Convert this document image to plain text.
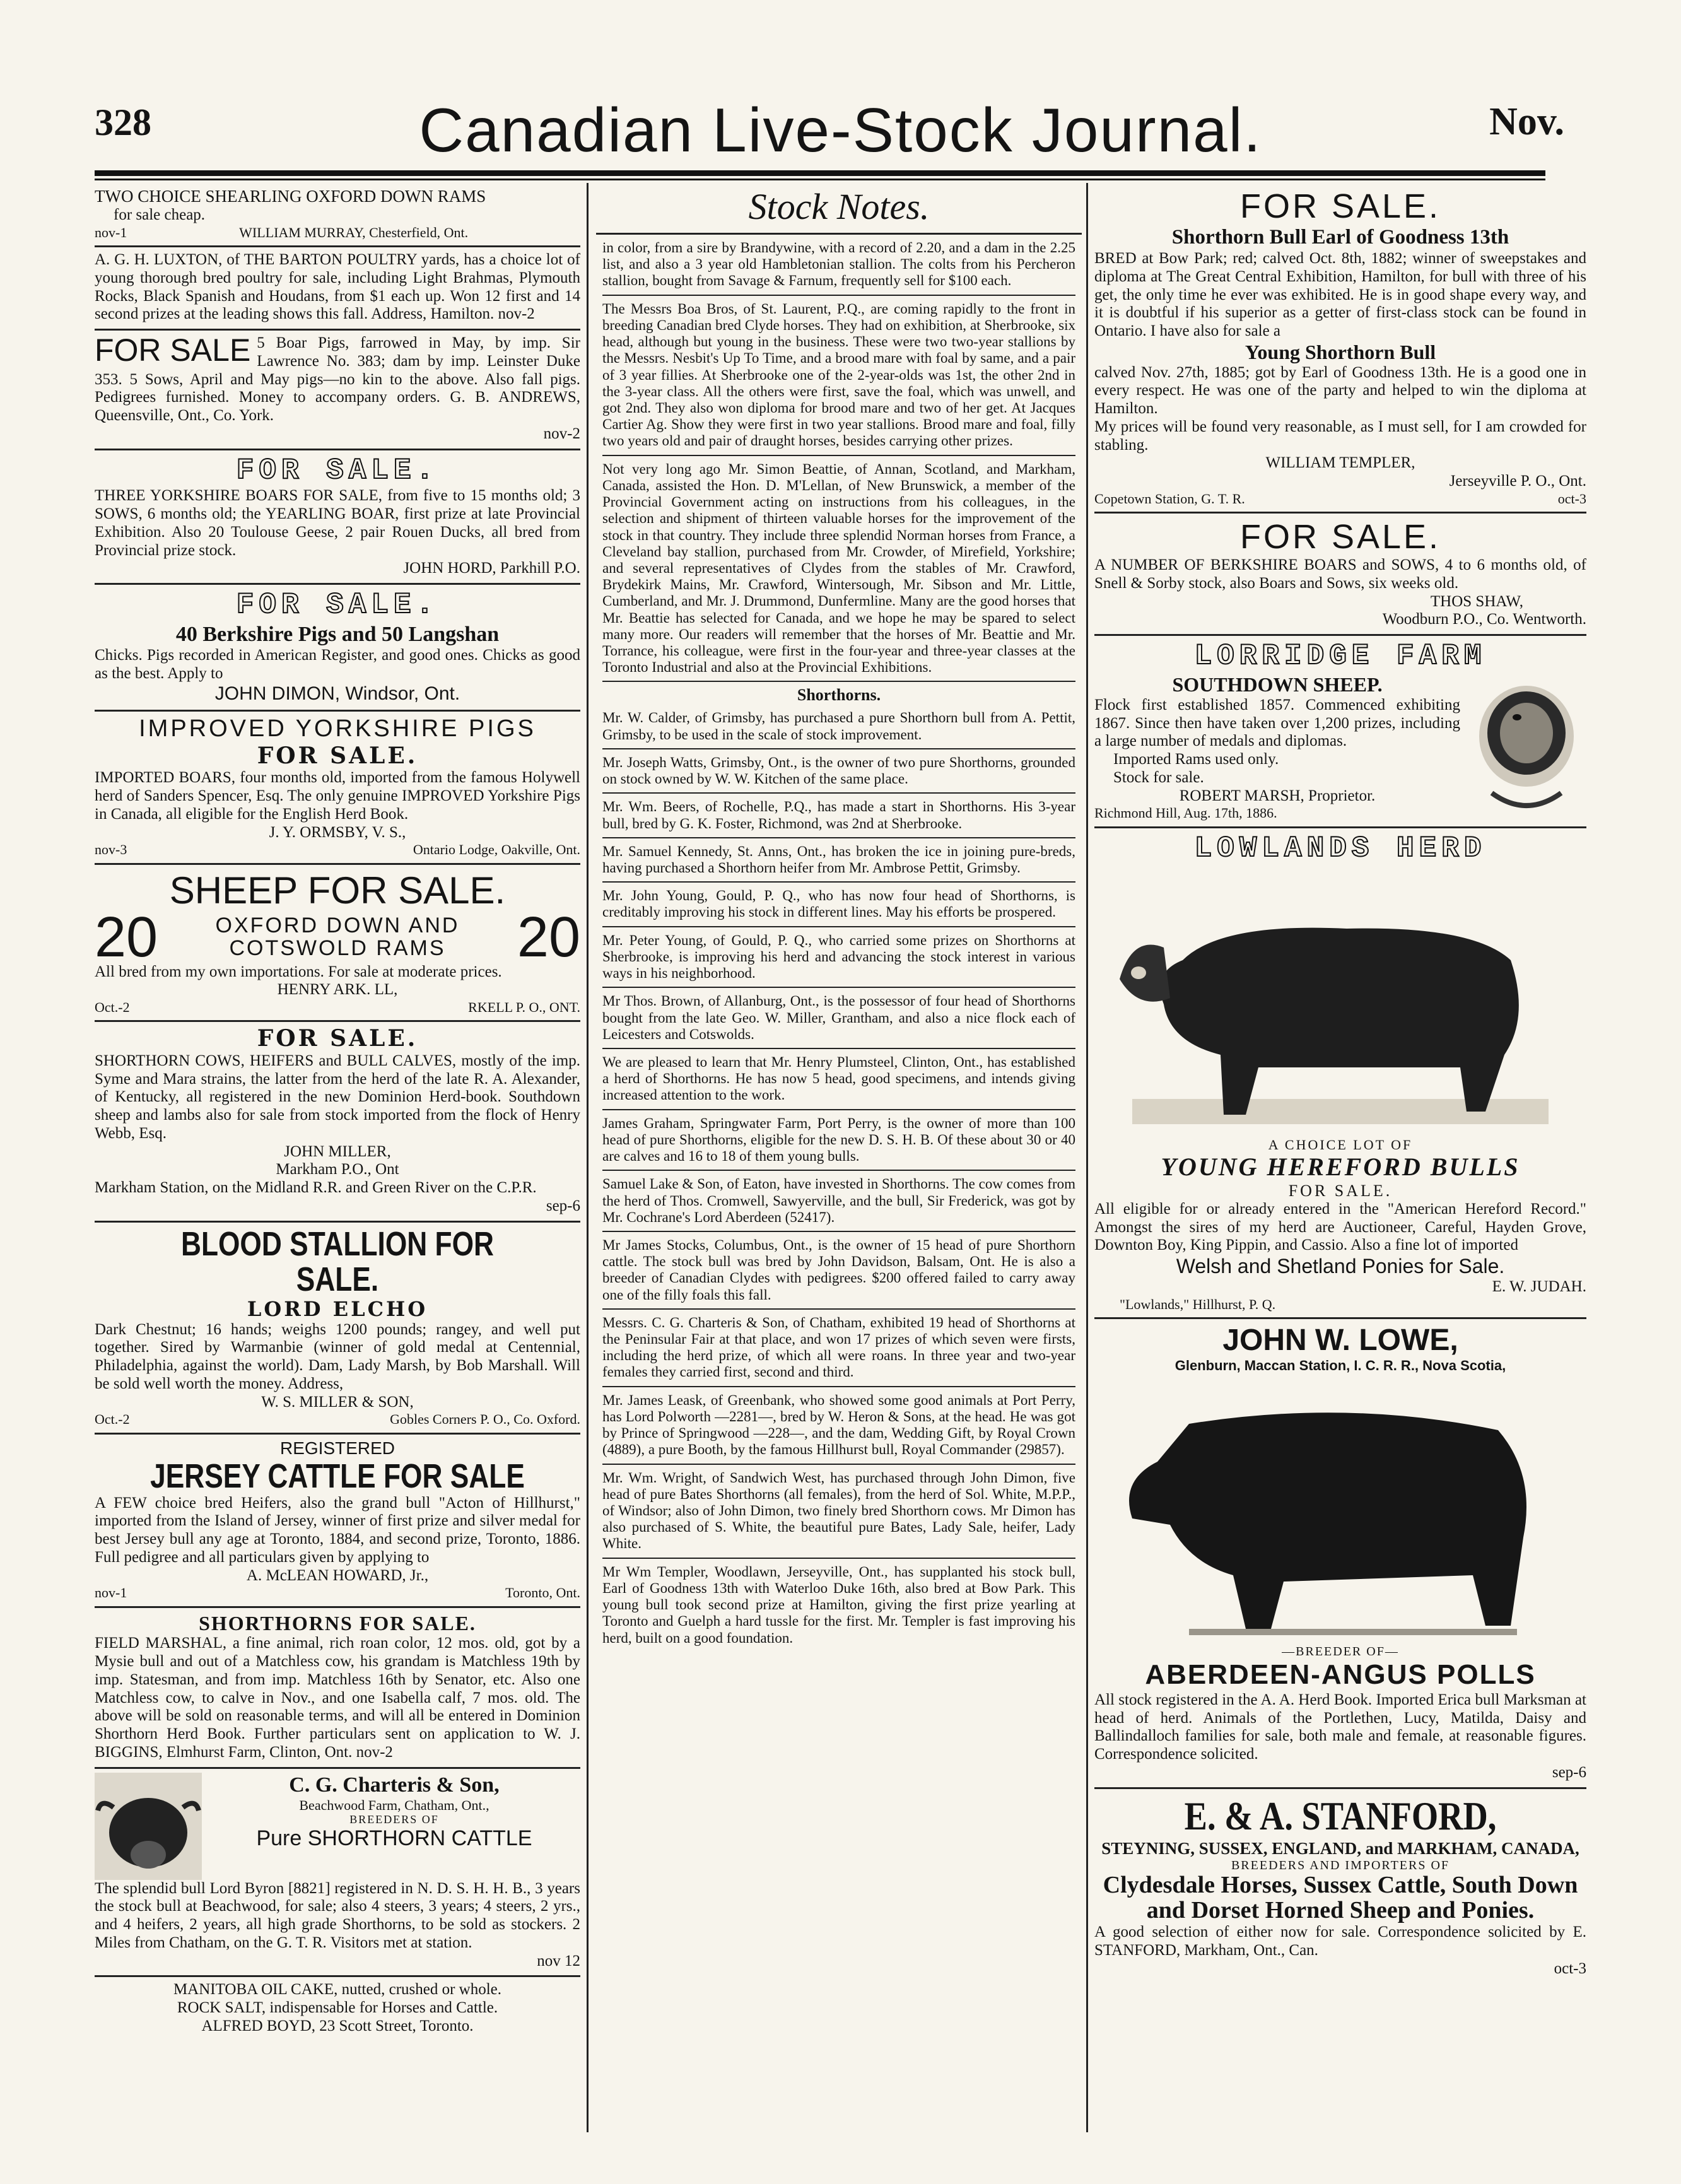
328	Canadian Live-Stock Journal.	Nov.

TWO CHOICE SHEARLING OXFORD DOWN RAMS

for sale cheap.

nov-1	WILLIAM MURRAY, Chesterfield, Ont.

A. G. H. LUXTON, of THE BARTON POULTRY yards, has a choice lot of young thorough bred poultry for sale, including Light Brahmas, Plymouth Rocks, Black Spanish and Houdans, from $1 each up. Won 12 first and 14 second prizes at the leading shows this fall. Address, Hamilton. nov-2

FOR SALE 5 Boar Pigs, farrowed in May, by imp. Sir Lawrence No. 383; dam by imp. Leinster Duke 353. 5 Sows, April and May pigs—no kin to the above. Also fall pigs. Pedigrees furnished. Money to accompany orders. G. B. ANDREWS, Queensville, Ont., Co. York.

nov-2
FOR SALE.

THREE YORKSHIRE BOARS FOR SALE, from five to 15 months old; 3 SOWS, 6 months old; the YEARLING BOAR, first prize at late Provincial Exhibition. Also 20 Toulouse Geese, 2 pair Rouen Ducks, all bred from Provincial prize stock.

JOHN HORD, Parkhill P.O.
FOR SALE.
40 Berkshire Pigs and 50 Langshan

Chicks. Pigs recorded in American Register, and good ones. Chicks as good as the best. Apply to

JOHN DIMON, Windsor, Ont.
IMPROVED YORKSHIRE PIGS
FOR SALE.

IMPORTED BOARS, four months old, imported from the famous Holywell herd of Sanders Spencer, Esq. The only genuine IMPROVED Yorkshire Pigs in Canada, all eligible for the English Herd Book.

J. Y. ORMSBY, V. S.,
nov-3	Ontario Lodge, Oakville, Ont.
SHEEP FOR SALE.
20	OXFORD DOWN AND
COTSWOLD RAMS 20

All bred from my own importations. For sale at moderate prices.

HENRY ARK. LL,
Oct.-2	RKELL P. O., ONT.
FOR SALE.

SHORTHORN COWS, HEIFERS and BULL CALVES, mostly of the imp. Syme and Mara strains, the latter from the herd of the late R. A. Alexander, of Kentucky, all registered in the new Dominion Herd-book. Southdown sheep and lambs also for sale from stock imported from the flock of Henry Webb, Esq.

JOHN MILLER,
Markham P.O., Ont

Markham Station, on the Midland R.R. and Green River on the C.P.R.

sep-6
BLOOD STALLION FOR SALE.
LORD ELCHO

Dark Chestnut; 16 hands; weighs 1200 pounds; rangey, and well put together. Sired by Warmanbie (winner of gold medal at Centennial, Philadelphia, against the world). Dam, Lady Marsh, by Bob Marshall. Will be sold well worth the money. Address,

W. S. MILLER & SON,
Oct.-2	Gobles Corners P. O., Co. Oxford.
REGISTERED
JERSEY CATTLE FOR SALE

A FEW choice bred Heifers, also the grand bull "Acton of Hillhurst," imported from the Island of Jersey, winner of first prize and silver medal for best Jersey bull any age at Toronto, 1884, and second prize, Toronto, 1886. Full pedigree and all particulars given by applying to

A. McLEAN HOWARD, Jr.,
nov-1	Toronto, Ont.
SHORTHORNS FOR SALE.

FIELD MARSHAL, a fine animal, rich roan color, 12 mos. old, got by a Mysie bull and out of a Matchless cow, his grandam is Matchless 19th by imp. Statesman, and from imp. Matchless 16th by Senator, etc. Also one Matchless cow, to calve in Nov., and one Isabella calf, 7 mos. old. The above will be sold on reasonable terms, and will all be entered in Dominion Shorthorn Herd Book. Further particulars sent on application to W. J. BIGGINS, Elmhurst Farm, Clinton, Ont. nov-2

C. G. Charteris & Son,
Beachwood Farm, Chatham, Ont.,
BREEDERS OF
Pure SHORTHORN CATTLE

The splendid bull Lord Byron [8821] registered in N. D. S. H. H. B., 3 years the stock bull at Beachwood, for sale; also 4 steers, 3 years; 4 steers, 2 yrs., and 4 heifers, 2 years, all high grade Shorthorns, to be sold as stockers. 2 Miles from Chatham, on the G. T. R. Visitors met at station.

nov 12
MANITOBA OIL CAKE, nutted, crushed or whole.
ROCK SALT, indispensable for Horses and Cattle.
ALFRED BOYD, 23 Scott Street, Toronto.
Stock Notes.
in color, from a sire by Brandywine, with a record of 2.20, and a dam in the 2.25 list, and also a 3 year old Hambletonian stallion. The colts from his Percheron stallion, bought from Savage & Farnum, frequently sell for $100 each.
The Messrs Boa Bros, of St. Laurent, P.Q., are coming rapidly to the front in breeding Canadian bred Clyde horses. They had on exhibition, at Sherbrooke, six head, although but young in the business. These were two two-year stallions by the Messrs. Nesbit's Up To Time, and a brood mare with foal by same, and a pair of 3 year fillies. At Sherbrooke one of the 2-year-olds was 1st, the other 2nd in the 3-year class. All the others were first, save the foal, which was unwell, and got 2nd. They also won diploma for brood mare and two of her get. At Jacques Cartier Ag. Show they were first in two year stallions. Brood mare and foal, filly two years old and pair of draught horses, besides carrying other prizes.
Not very long ago Mr. Simon Beattie, of Annan, Scotland, and Markham, Canada, assisted the Hon. D. M'Lellan, of New Brunswick, a member of the Provincial Government acting on instructions from his colleagues, in the selection and shipment of thirteen valuable horses for the improvement of the stock in that country. They include three splendid Norman horses from France, a Cleveland bay stallion, purchased from Mr. Crowder, of Mirefield, Yorkshire; and several representatives of Clydes from the stables of Mr. Crawford, Brydekirk Mains, Mr. Crawford, Wintersough, Mr. Sibson and Mr. Little, Cumberland, and Mr. J. Drummond, Dunfermline. Many are the good horses that Mr. Beattie has selected for Canada, and we hope he may be spared to select many more. Our readers will remember that the horses of Mr. Beattie and Mr. Torrance, his colleague, were first in the four-year and three-year classes at the Toronto Industrial and also at the Provincial Exhibitions.
Shorthorns.
Mr. W. Calder, of Grimsby, has purchased a pure Shorthorn bull from A. Pettit, Grimsby, to be used in the scale of stock improvement.
Mr. Joseph Watts, Grimsby, Ont., is the owner of two pure Shorthorns, grounded on stock owned by W. W. Kitchen of the same place.
Mr. Wm. Beers, of Rochelle, P.Q., has made a start in Shorthorns. His 3-year bull, bred by G. K. Foster, Richmond, was 2nd at Sherbrooke.
Mr. Samuel Kennedy, St. Anns, Ont., has broken the ice in joining pure-breds, having purchased a Shorthorn heifer from Mr. Ambrose Pettit, Grimsby.
Mr. John Young, Gould, P. Q., who has now four head of Shorthorns, is creditably improving his stock in different lines. May his efforts be prospered.
Mr. Peter Young, of Gould, P. Q., who carried some prizes on Shorthorns at Sherbrooke, is improving his herd and advancing the stock interest in various ways in his neighborhood.
Mr Thos. Brown, of Allanburg, Ont., is the possessor of four head of Shorthorns bought from the late Geo. W. Miller, Grantham, and also a nice flock each of Leicesters and Cotswolds.
We are pleased to learn that Mr. Henry Plumsteel, Clinton, Ont., has established a herd of Shorthorns. He has now 5 head, good specimens, and intends giving increased attention to the work.
James Graham, Springwater Farm, Port Perry, is the owner of more than 100 head of pure Shorthorns, eligible for the new D. S. H. B. Of these about 30 or 40 are calves and 16 to 18 of them young bulls.
Samuel Lake & Son, of Eaton, have invested in Shorthorns. The cow comes from the herd of Thos. Cromwell, Sawyerville, and the bull, Sir Frederick, was got by Mr. Cochrane's Lord Aberdeen (52417).
Mr James Stocks, Columbus, Ont., is the owner of 15 head of pure Shorthorn cattle. The stock bull was bred by John Davidson, Balsam, Ont. He is also a breeder of Canadian Clydes with pedigrees. $200 offered failed to carry away one of the filly foals this fall.
Messrs. C. G. Charteris & Son, of Chatham, exhibited 19 head of Shorthorns at the Peninsular Fair at that place, and won 17 prizes of which seven were firsts, including the herd prize, of which all were roans. In three year and two-year females they carried first, second and third.
Mr. James Leask, of Greenbank, who showed some good animals at Port Perry, has Lord Polworth —2281—, bred by W. Heron & Sons, at the head. He was got by Prince of Springwood —228—, and the dam, Wedding Gift, by Royal Crown (4889), a pure Booth, by the famous Hillhurst bull, Royal Commander (29857).
Mr. Wm. Wright, of Sandwich West, has purchased through John Dimon, five head of pure Bates Shorthorns (all females), from the herd of Sol. White, M.P.P., of Windsor; also of John Dimon, two finely bred Shorthorn cows. Mr Dimon has also purchased of S. White, the beautiful pure Bates, Lady Sale, heifer, Lady White.
Mr Wm Templer, Woodlawn, Jerseyville, Ont., has supplanted his stock bull, Earl of Goodness 13th with Waterloo Duke 16th, also bred at Bow Park. This young bull took second prize at Hamilton, giving the first prize yearling at Toronto and Guelph a hard tussle for the first. Mr. Templer is fast improving his herd, built on a good foundation.
FOR SALE.
Shorthorn Bull Earl of Goodness 13th

BRED at Bow Park; red; calved Oct. 8th, 1882; winner of sweepstakes and diploma at The Great Central Exhibition, Hamilton, for bull with three of his get, the only time he ever was exhibited. He is in good shape every way, and it is doubtful if his superior as a getter of first-class stock can be found in Ontario. I have also for sale a

Young Shorthorn Bull

calved Nov. 27th, 1885; got by Earl of Goodness 13th. He is a good one in every respect. He was one of the party and helped to win the diploma at Hamilton.

My prices will be found very reasonable, as I must sell, for I am crowded for stabling.

WILLIAM TEMPLER,
Jerseyville P. O., Ont.
Copetown Station, G. T. R.	oct-3
FOR SALE.

A NUMBER OF BERKSHIRE BOARS and SOWS, 4 to 6 months old, of Snell & Sorby stock, also Boars and Sows, six weeks old.

THOS SHAW,
Woodburn P.O., Co. Wentworth.
LORRIDGE FARM
SOUTHDOWN SHEEP.

Flock first established 1857. Commenced exhibiting 1867. Since then have taken over 1,200 prizes, including a large number of medals and diplomas.

Imported Rams used only.

Stock for sale.

ROBERT MARSH, Proprietor.
Richmond Hill, Aug. 17th, 1886.
LOWLANDS HERD
A CHOICE LOT OF
YOUNG HEREFORD BULLS
FOR SALE.

All eligible for or already entered in the "American Hereford Record." Amongst the sires of my herd are Auctioneer, Careful, Hayden Grove, Downton Boy, King Pippin, and Cassio. Also a fine lot of imported

Welsh and Shetland Ponies for Sale.
E. W. JUDAH.
"Lowlands," Hillhurst, P. Q.
JOHN W. LOWE,
Glenburn, Maccan Station, I. C. R. R., Nova Scotia,
—BREEDER OF—
ABERDEEN-ANGUS POLLS

All stock registered in the A. A. Herd Book. Imported Erica bull Marksman at head of herd. Animals of the Portlethen, Lucy, Matilda, Daisy and Ballindalloch families for sale, both male and female, at reasonable figures. Correspondence solicited.

sep-6
E. & A. STANFORD,
STEYNING, SUSSEX, ENGLAND, and MARKHAM, CANADA,
BREEDERS AND IMPORTERS OF
Clydesdale Horses, Sussex Cattle, South Down and Dorset Horned Sheep and Ponies.

A good selection of either now for sale. Correspondence solicited by E. STANFORD, Markham, Ont., Can.

oct-3
